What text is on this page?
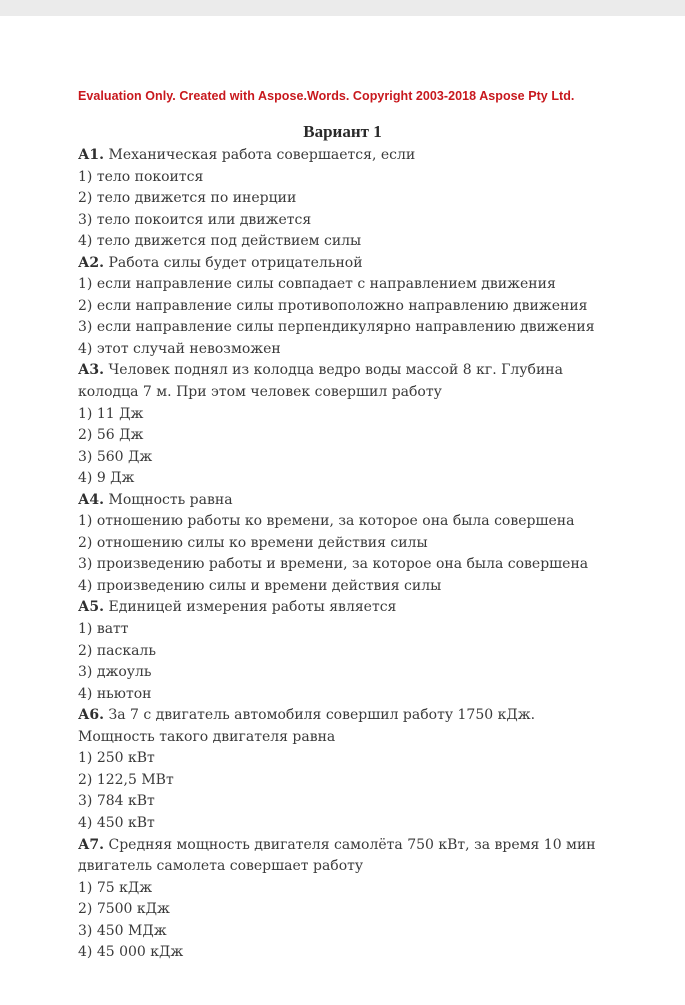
Evaluation Only. Created with Aspose.Words. Copyright 2003-2018 Aspose Pty Ltd.
Вариант 1
А1. Механическая работа совершается, если
1) тело покоится
2) тело движется по инерции
3) тело покоится или движется
4) тело движется под действием силы
А2. Работа силы будет отрицательной
1) если направление силы совпадает с направлением движения
2) если направление силы противоположно направлению движения
3) если направление силы перпендикулярно направлению движения
4) этот случай невозможен
А3. Человек поднял из колодца ведро воды массой 8 кг. Глубина
колодца 7 м. При этом человек совершил работу
1) 11 Дж
2) 56 Дж
3) 560 Дж
4) 9 Дж
А4. Мощность равна
1) отношению работы ко времени, за которое она была совершена
2) отношению силы ко времени действия силы
3) произведению работы и времени, за которое она была совершена
4) произведению силы и времени действия силы
А5. Единицей измерения работы является
1) ватт
2) паскаль
3) джоуль
4) ньютон
А6. За 7 с двигатель автомобиля совершил работу 1750 кДж.
Мощность такого двигателя равна
1) 250 кВт
2) 122,5 МВт
3) 784 кВт
4) 450 кВт
А7. Средняя мощность двигателя самолёта 750 кВт, за время 10 мин
двигатель самолета совершает работу
1) 75 кДж
2) 7500 кДж
3) 450 МДж
4) 45 000 кДж
